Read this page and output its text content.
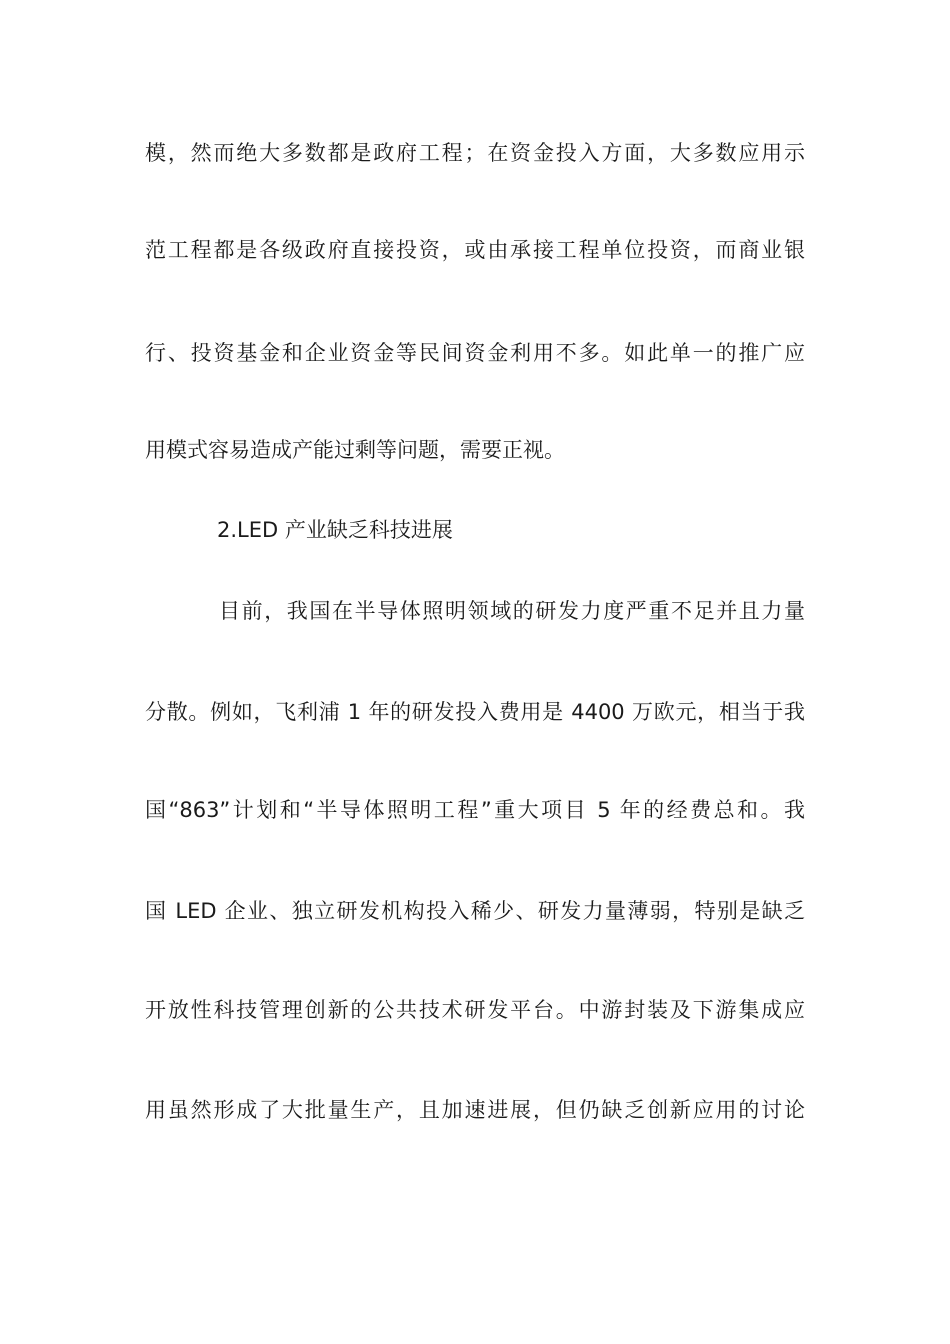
模，然而绝大多数都是政府工程；在资金投入方面，大多数应用示
范工程都是各级政府直接投资，或由承接工程单位投资，而商业银
行、投资基金和企业资金等民间资金利用不多。如此单一的推广应
用模式容易造成产能过剩等问题，需要正视。
2.LED 产业缺乏科技进展
目前，我国在半导体照明领域的研发力度严重不足并且力量
分散。例如，飞利浦 1 年的研发投入费用是 4400 万欧元，相当于我
国“863”计划和“半导体照明工程”重大项目 5 年的经费总和。我
国 LED 企业、独立研发机构投入稀少、研发力量薄弱，特别是缺乏
开放性科技管理创新的公共技术研发平台。中游封装及下游集成应
用虽然形成了大批量生产，且加速进展，但仍缺乏创新应用的讨论
